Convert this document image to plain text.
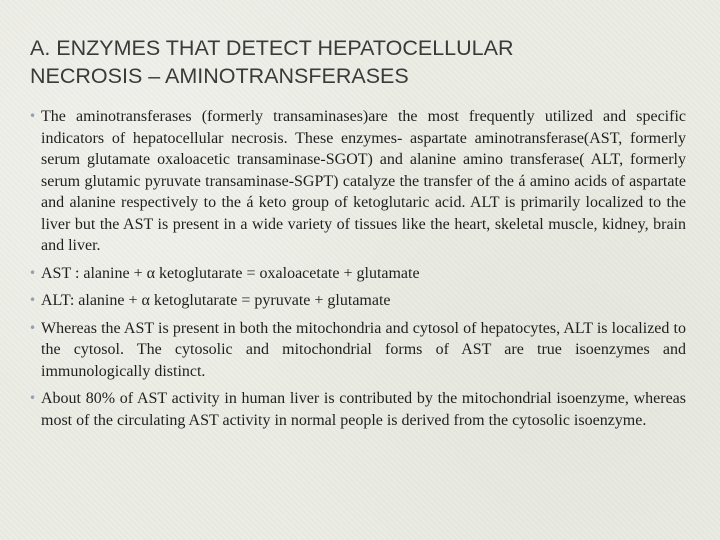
A. ENZYMES THAT DETECT HEPATOCELLULAR
NECROSIS – AMINOTRANSFERASES
• The aminotransferases (formerly transaminases)are the most frequently utilized and specific indicators of hepatocellular necrosis. These enzymes- aspartate aminotransferase(AST, formerly serum glutamate oxaloacetic transaminase-SGOT) and alanine amino transferase( ALT, formerly serum glutamic pyruvate transaminase-SGPT) catalyze the transfer of the á amino acids of aspartate and alanine respectively to the á keto group of ketoglutaric acid. ALT is primarily localized to the liver but the AST is present in a wide variety of tissues like the heart, skeletal muscle, kidney, brain and liver.
• AST : alanine + α ketoglutarate = oxaloacetate + glutamate
• ALT: alanine + α ketoglutarate = pyruvate + glutamate
• Whereas the AST is present in both the mitochondria and cytosol of hepatocytes, ALT is localized to the cytosol. The cytosolic and mitochondrial forms of AST are true isoenzymes and immunologically distinct.
• About 80% of AST activity in human liver is contributed by the mitochondrial isoenzyme, whereas most of the circulating AST activity in normal people is derived from the cytosolic isoenzyme.
